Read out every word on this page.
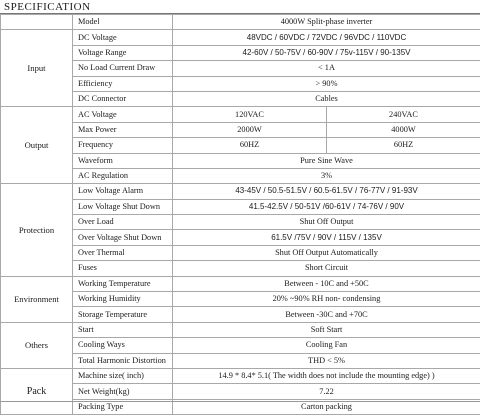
SPECIFICATION
	Model	4000W Split-phase inverter	
Input	DC Voltage	48VDC / 60VDC / 72VDC / 96VDC / 110VDC	
	Voltage Range	42-60V / 50-75V / 60-90V / 75v-115V / 90-135V	
	No Load Current Draw	< 1A	
	Efficiency	> 90%	
	DC Connector	Cables	
Output	AC Voltage	120VAC	240VAC
	Max Power	2000W	4000W
	Frequency	60HZ	60HZ
	Waveform	Pure Sine Wave	
	AC Regulation	3%	
Protection	Low Voltage Alarm	43-45V / 50.5-51.5V / 60.5-61.5V / 76-77V / 91-93V	
	Low Voltage Shut Down	41.5-42.5V / 50-51V /60-61V / 74-76V / 90V	
	Over Load	Shut Off Output	
	Over Voltage Shut Down	61.5V /75V / 90V / 115V / 135V	
	Over Thermal	Shut Off Output Automatically	
	Fuses	Short Circuit	
Environment	Working Temperature	Between - 10C and +50C	
	Working Humidity	20% ~90% RH non- condensing	
	Storage Temperature	Between -30C and +70C	
Others	Start	Soft Start	
	Cooling Ways	Cooling Fan	
	Total Harmonic Distortion	THD < 5%	
Pack	Machine size( inch)	14.9 * 8.4* 5.1( The width does not include the mounting edge) )	
	Net Weight(kg)	7.22	
	Packing Type	Carton packing	
